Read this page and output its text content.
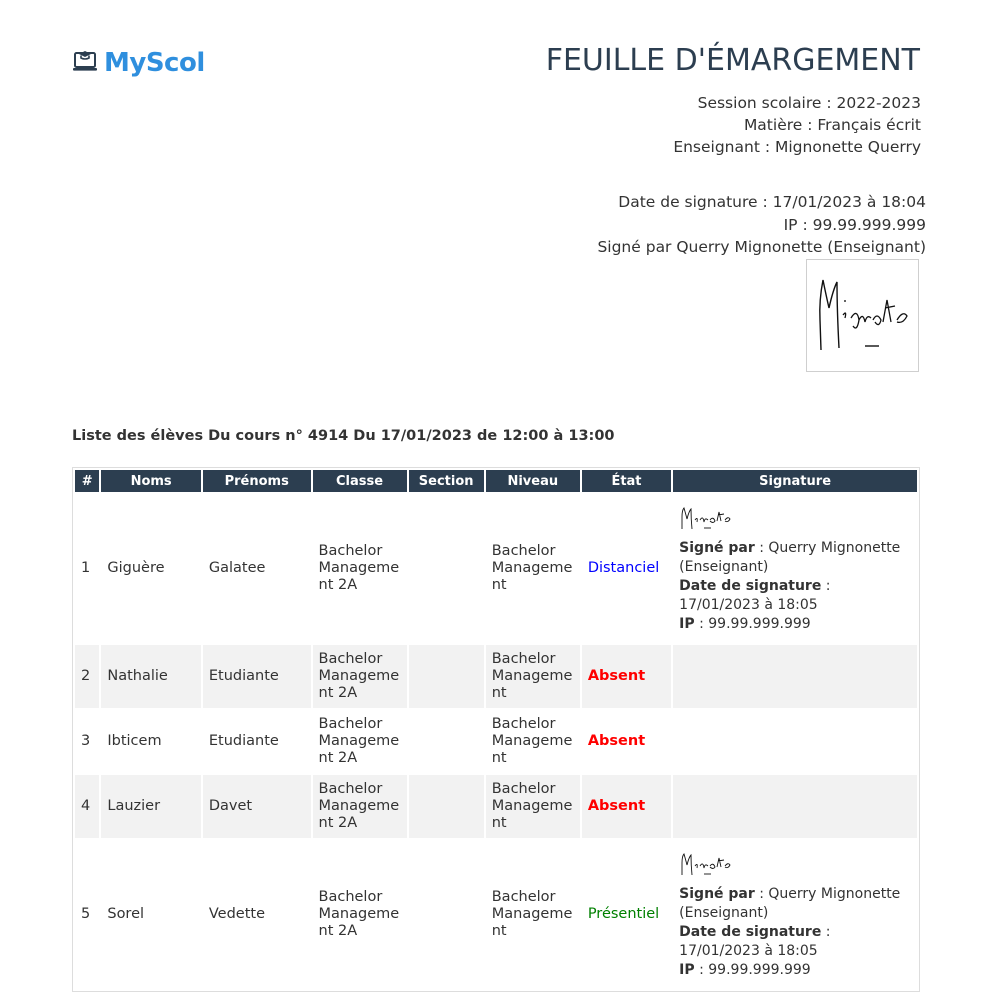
MyScol	FEUILLE D'ÉMARGEMENT
Session scolaire : 2022-2023
Matière : Français écrit
Enseignant : Mignonette Querry
Date de signature : 17/01/2023 à 18:04
IP : 99.99.999.999
Signé par Querry Mignonette (Enseignant)
Liste des élèves Du cours n° 4914 Du 17/01/2023 de 12:00 à 13:00
#	Noms	Prénoms	Classe	Section	Niveau	État	Signature
1	Giguère	Galatee	Bachelor Manageme nt 2A		Bachelor Manageme nt	Distanciel	Signé par : Querry Mignonette (Enseignant)
Date de signature : 17/01/2023 à 18:05
IP : 99.99.999.999

2	Nathalie	Etudiante	Bachelor Manageme nt 2A		Bachelor Manageme nt	Absent	
3	Ibticem	Etudiante	Bachelor Manageme nt 2A		Bachelor Manageme nt	Absent	
4	Lauzier	Davet	Bachelor Manageme nt 2A		Bachelor Manageme nt	Absent	
5	Sorel	Vedette	Bachelor Manageme nt 2A		Bachelor Manageme nt	Présentiel	Signé par : Querry Mignonette (Enseignant)
Date de signature : 17/01/2023 à 18:05
IP : 99.99.999.999
